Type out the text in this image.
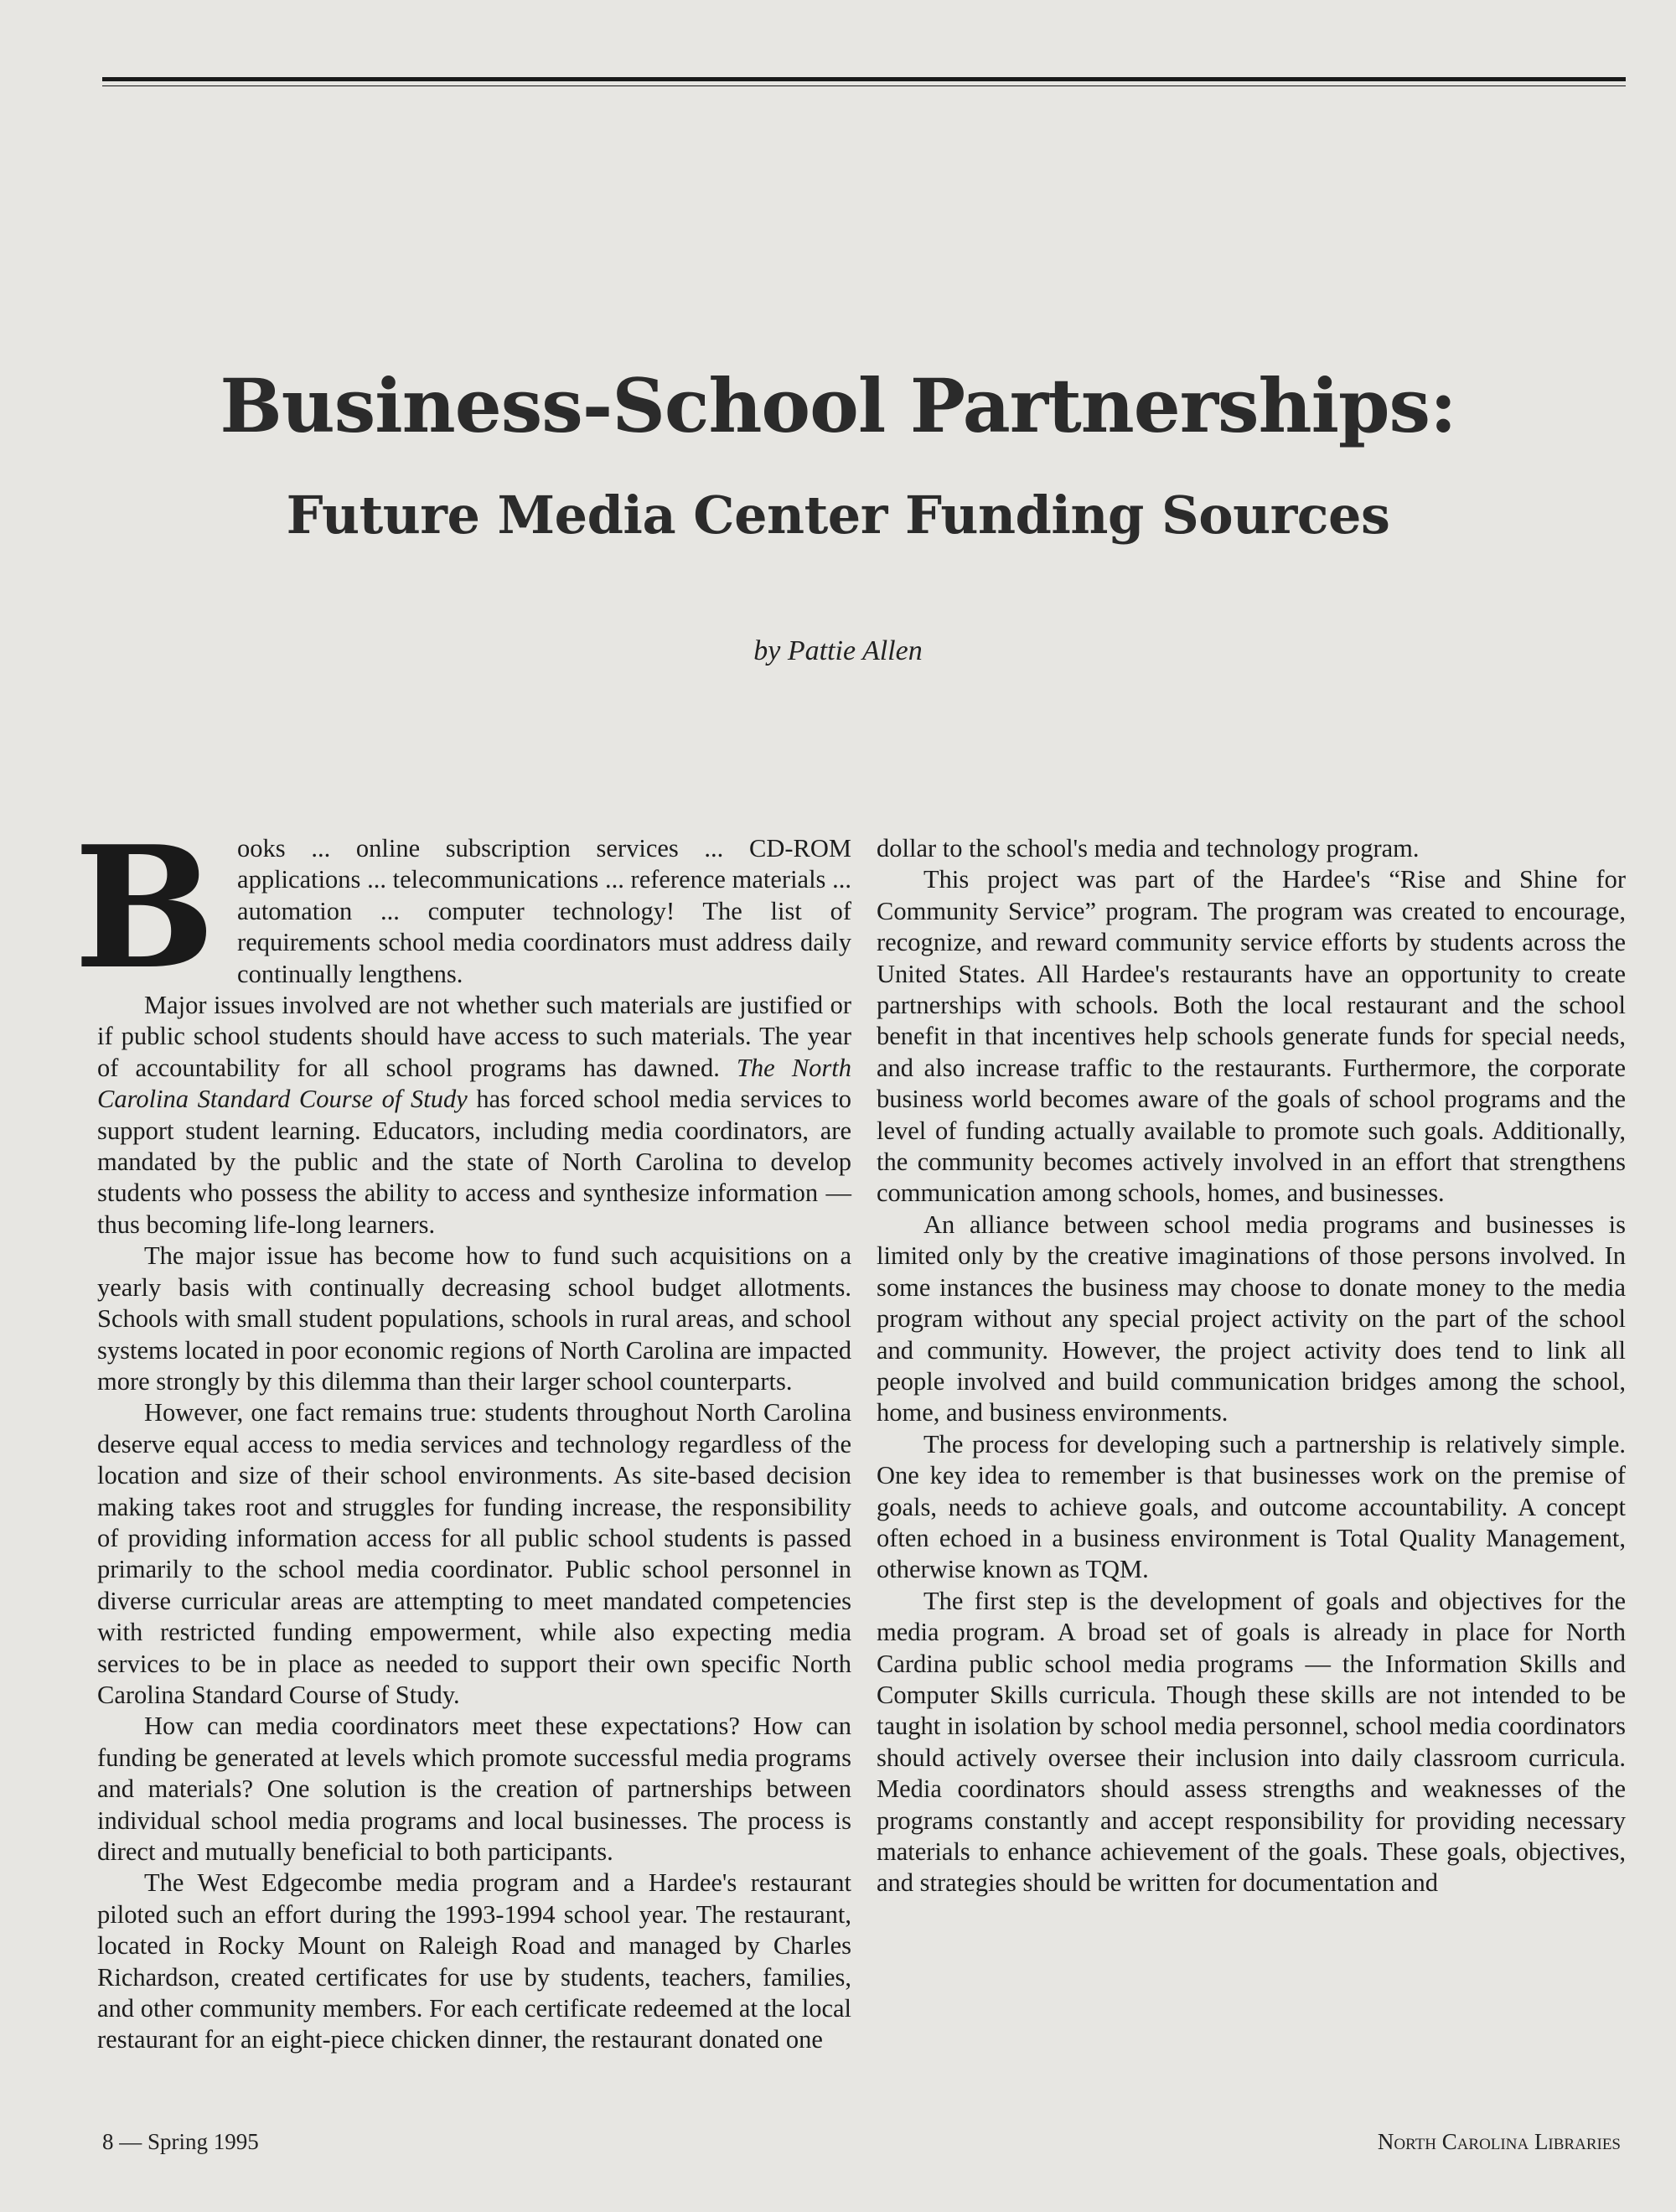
Business-School Partnerships:
Future Media Center Funding Sources
by Pattie Allen

Books ... online subscription services ... CD-ROM applications ... telecommunications ... reference materials ... automation ... computer technology! The list of requirements school media coordinators must address daily continually lengthens.

Major issues involved are not whether such materials are justified or if public school students should have access to such materials. The year of accountability for all school programs has dawned. The North Carolina Standard Course of Study has forced school media services to support student learning. Educators, including media coordinators, are mandated by the public and the state of North Carolina to develop students who possess the ability to access and synthesize information — thus becoming life-long learners.

The major issue has become how to fund such acquisitions on a yearly basis with continually decreasing school budget allotments. Schools with small student populations, schools in rural areas, and school systems located in poor economic regions of North Carolina are impacted more strongly by this dilemma than their larger school counterparts.

However, one fact remains true: students throughout North Carolina deserve equal access to media services and technology regardless of the location and size of their school environments. As site-based decision making takes root and struggles for funding increase, the responsibility of providing information access for all public school students is passed primarily to the school media coordinator. Public school personnel in diverse curricular areas are attempting to meet mandated competencies with restricted funding empowerment, while also expecting media services to be in place as needed to support their own specific North Carolina Standard Course of Study.

How can media coordinators meet these expectations? How can funding be generated at levels which promote successful media programs and materials? One solution is the creation of partnerships between individual school media programs and local businesses. The process is direct and mutually beneficial to both participants.

The West Edgecombe media program and a Hardee's restaurant piloted such an effort during the 1993-1994 school year. The restaurant, located in Rocky Mount on Raleigh Road and managed by Charles Richardson, created certificates for use by students, teachers, families, and other community members. For each certificate redeemed at the local restaurant for an eight-piece chicken dinner, the restaurant donated one

dollar to the school's media and technology program.

This project was part of the Hardee's “Rise and Shine for Community Service” program. The program was created to encourage, recognize, and reward community service efforts by students across the United States. All Hardee's restaurants have an opportunity to create partnerships with schools. Both the local restaurant and the school benefit in that incentives help schools generate funds for special needs, and also increase traffic to the restaurants. Furthermore, the corporate business world becomes aware of the goals of school programs and the level of funding actually available to promote such goals. Additionally, the community becomes actively involved in an effort that strengthens communication among schools, homes, and businesses.

An alliance between school media programs and businesses is limited only by the creative imaginations of those persons involved. In some instances the business may choose to donate money to the media program without any special project activity on the part of the school and community. However, the project activity does tend to link all people involved and build communication bridges among the school, home, and business environments.

The process for developing such a partnership is relatively simple. One key idea to remember is that businesses work on the premise of goals, needs to achieve goals, and outcome accountability. A concept often echoed in a business environment is Total Quality Management, otherwise known as TQM.

The first step is the development of goals and objectives for the media program. A broad set of goals is already in place for North Cardina public school media programs — the Information Skills and Computer Skills curricula. Though these skills are not intended to be taught in isolation by school media personnel, school media coordinators should actively oversee their inclusion into daily classroom curricula. Media coordinators should assess strengths and weaknesses of the programs constantly and accept responsibility for providing necessary materials to enhance achievement of the goals. These goals, objectives, and strategies should be written for documentation and

8 — Spring 1995	North Carolina Libraries
